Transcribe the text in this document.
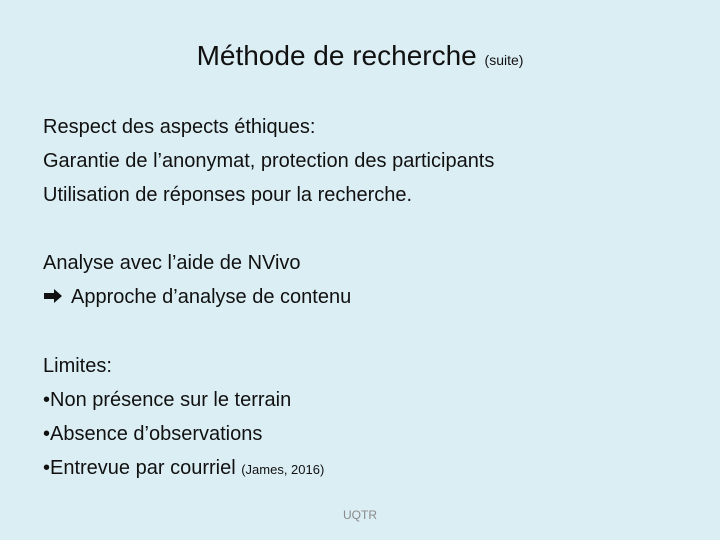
Méthode de recherche (suite)
Respect des aspects éthiques:
Garantie de l’anonymat, protection des participants
Utilisation de réponses pour la recherche.
Analyse avec l’aide de NVivo
Approche d’analyse de contenu
Limites:
•Non présence sur le terrain
•Absence d’observations
•Entrevue par courriel (James, 2016)
UQTR
